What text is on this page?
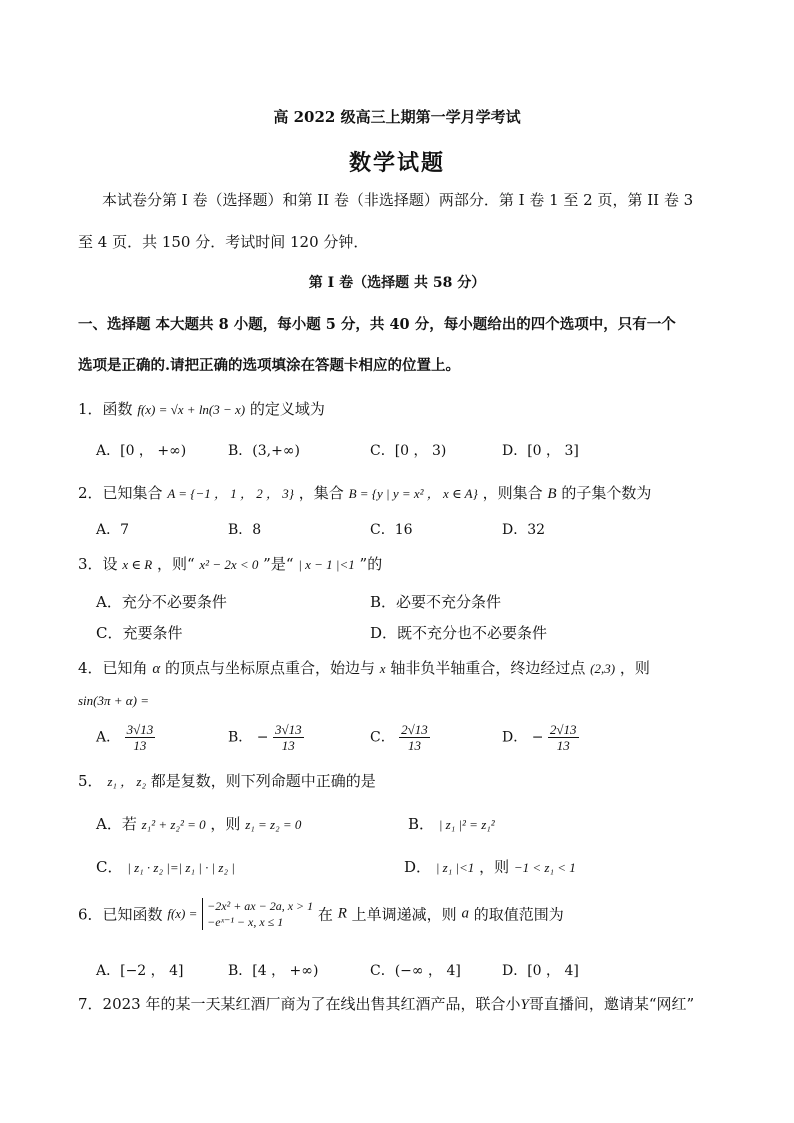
高 2022 级高三上期第一学月学考试
数学试题
本试卷分第 I 卷（选择题）和第 II 卷（非选择题）两部分．第 I 卷 1 至 2 页，第 II 卷 3
至 4 页．共 150 分．考试时间 120 分钟．
第 I 卷（选择题 共 58 分）
一、选择题 本大题共 8 小题，每小题 5 分，共 40 分，每小题给出的四个选项中，只有一个
选项是正确的.请把正确的选项填涂在答题卡相应的位置上。
1．函数 f(x) = √x + ln(3 − x) 的定义域为
A．[0 ， +∞)	B．(3,+∞)	C．[0 ， 3)	D．[0 ， 3]
2．已知集合 A = {−1 ， 1 ， 2 ， 3} ，集合 B = {y | y = x² ， x ∈ A} ，则集合 B 的子集个数为
A．7	B．8	C．16	D．32
3．设 x ∈ R ，则“ x² − 2x < 0 ”是“ | x − 1 |<1 ”的
A．充分不必要条件	B．必要不充分条件
C．充要条件	D．既不充分也不必要条件
4．已知角 α 的顶点与坐标原点重合，始边与 x 轴非负半轴重合，终边经过点 (2,3) ，则
sin(3π + α) =
A． $\frac{3√13}{13}$	B． − $\frac{3√13}{13}$	C． $\frac{2√13}{13}$	D． − $\frac{2√13}{13}$
5． z₁ ， z₂ 都是复数，则下列命题中正确的是
A．若 z₁² + z₂² = 0 ，则 z₁ = z₂ = 0	B． | z₁ |² = z₁²
C． | z₁ · z₂ |=| z₁ | · | z₂ |	D． | z₁ |<1 ，则 −1 < z₁ < 1
6．已知函数 f(x) = −2x² + ax − 2a, x > 1
−eˣ⁻¹ − x, x ≤ 1	在 R 上单调递减，则 a 的取值范围为
A．[−2 ， 4]	B．[4 ， +∞)	C．(−∞ ， 4]	D．[0 ， 4]
7．2023 年的某一天某红酒厂商为了在线出售其红酒产品，联合小Y哥直播间，邀请某“网红”
